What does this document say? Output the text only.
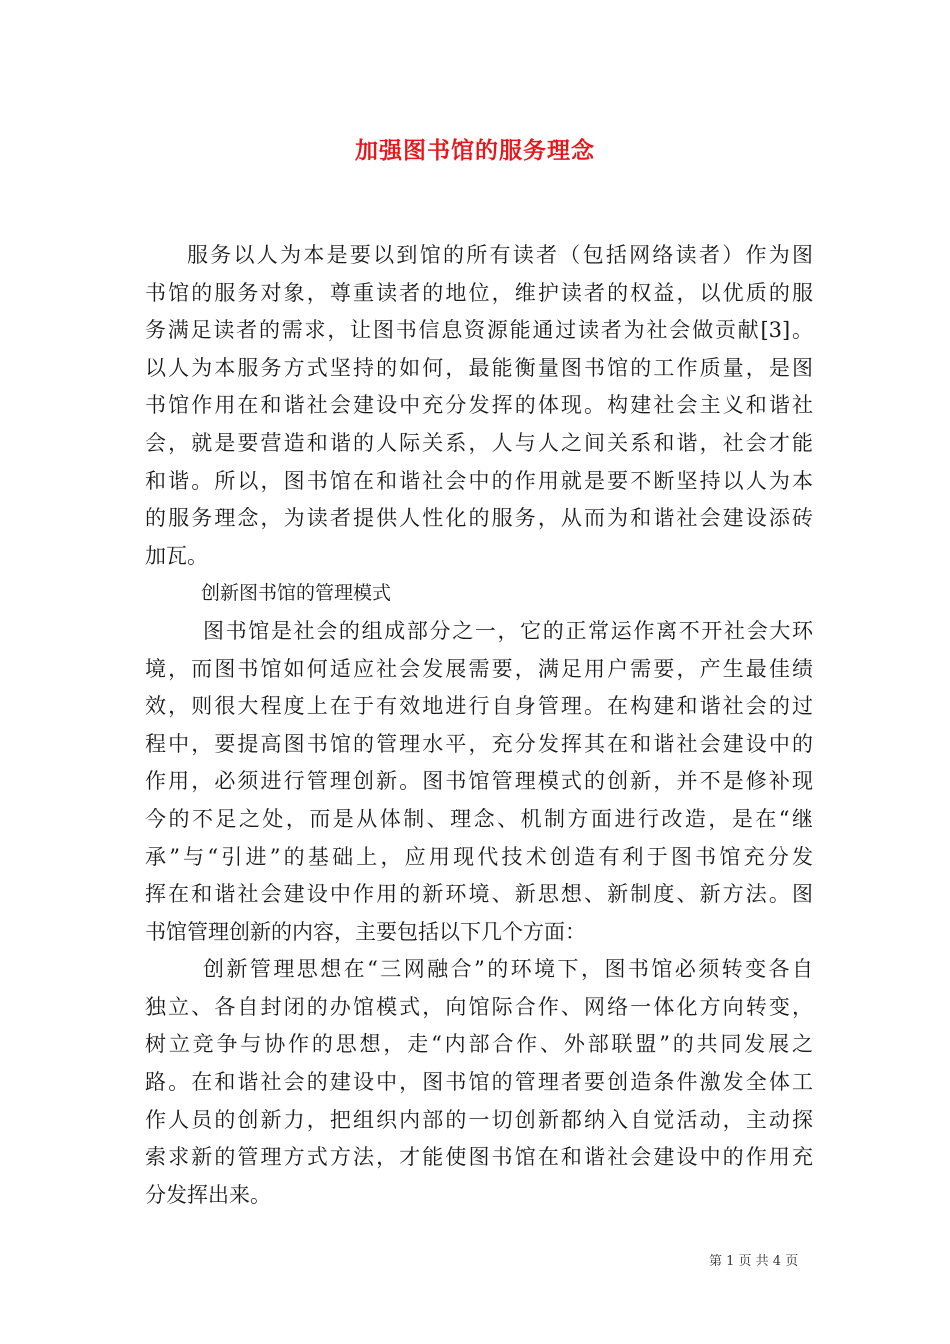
加强图书馆的服务理念
服务以人为本是要以到馆的所有读者（包括网络读者）作为图
书馆的服务对象，尊重读者的地位，维护读者的权益，以优质的服
务满足读者的需求，让图书信息资源能通过读者为社会做贡献[3]。
以人为本服务方式坚持的如何，最能衡量图书馆的工作质量，是图
书馆作用在和谐社会建设中充分发挥的体现。构建社会主义和谐社
会，就是要营造和谐的人际关系，人与人之间关系和谐，社会才能
和谐。所以，图书馆在和谐社会中的作用就是要不断坚持以人为本
的服务理念，为读者提供人性化的服务，从而为和谐社会建设添砖
加瓦。
创新图书馆的管理模式
图书馆是社会的组成部分之一，它的正常运作离不开社会大环
境，而图书馆如何适应社会发展需要，满足用户需要，产生最佳绩
效，则很大程度上在于有效地进行自身管理。在构建和谐社会的过
程中，要提高图书馆的管理水平，充分发挥其在和谐社会建设中的
作用，必须进行管理创新。图书馆管理模式的创新，并不是修补现
今的不足之处，而是从体制、理念、机制方面进行改造，是在“继
承”与“引进”的基础上，应用现代技术创造有利于图书馆充分发
挥在和谐社会建设中作用的新环境、新思想、新制度、新方法。图
书馆管理创新的内容，主要包括以下几个方面：
创新管理思想在“三网融合”的环境下，图书馆必须转变各自
独立、各自封闭的办馆模式，向馆际合作、网络一体化方向转变，
树立竞争与协作的思想，走“内部合作、外部联盟”的共同发展之
路。在和谐社会的建设中，图书馆的管理者要创造条件激发全体工
作人员的创新力，把组织内部的一切创新都纳入自觉活动，主动探
索求新的管理方式方法，才能使图书馆在和谐社会建设中的作用充
分发挥出来。
第 1 页 共 4 页
